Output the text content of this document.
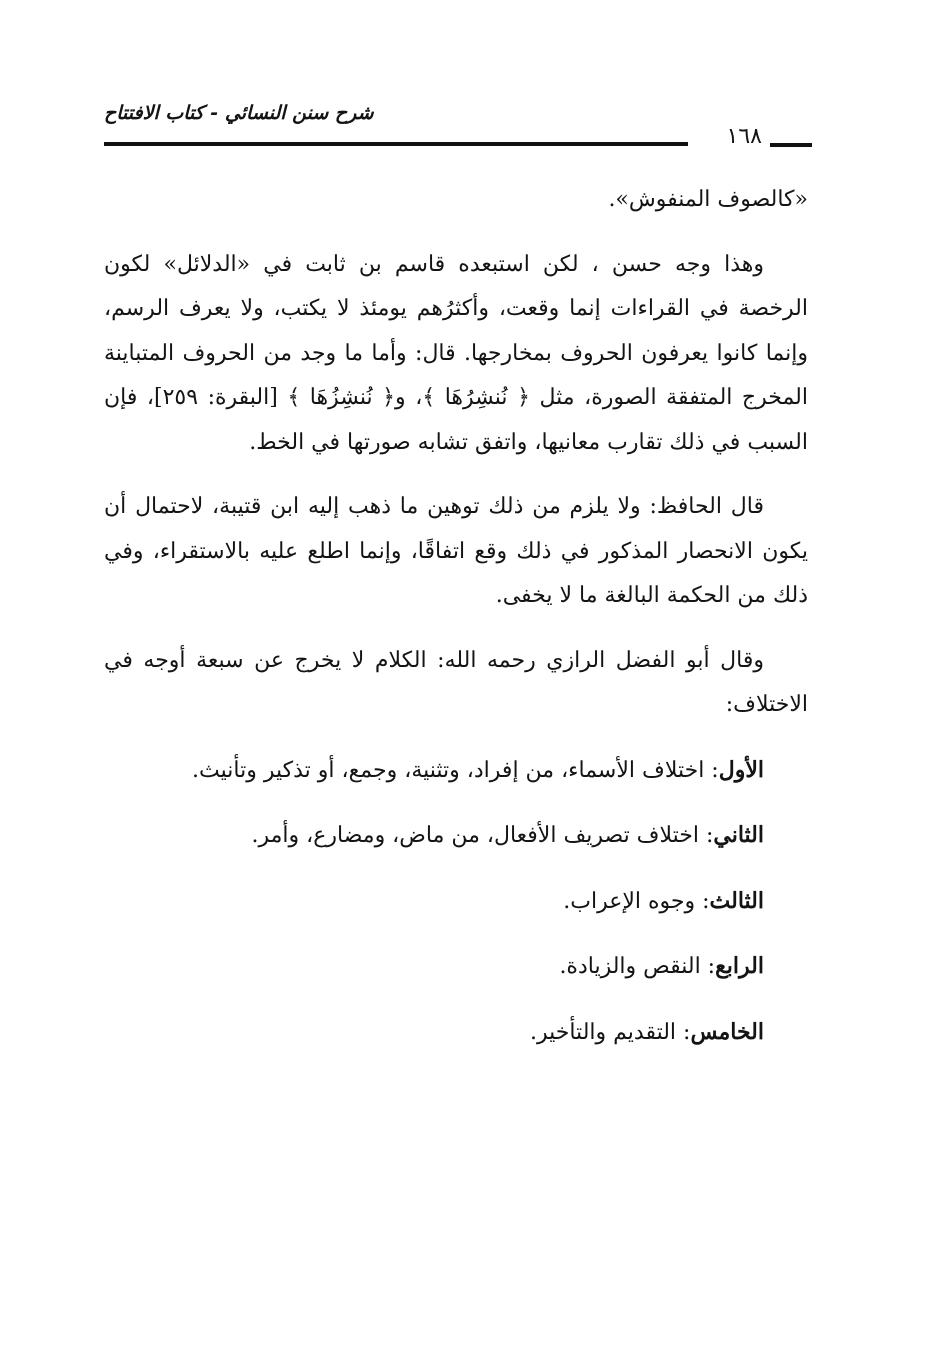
شرح سنن النسائي - كتاب الافتتاح
١٦٨

«كالصوف المنفوش».

وهذا وجه حسن ، لكن استبعده قاسم بن ثابت في «الدلائل» لكون الرخصة في القراءات إنما وقعت، وأكثرُهم يومئذ لا يكتب، ولا يعرف الرسم، وإنما كانوا يعرفون الحروف بمخارجها. قال: وأما ما وجد من الحروف المتباينة المخرج المتفقة الصورة، مثل ﴿ نُنشِرُهَا ﴾، و﴿ نُنشِزُهَا ﴾ [البقرة: ٢٥٩]، فإن السبب في ذلك تقارب معانيها، واتفق تشابه صورتها في الخط.

قال الحافظ: ولا يلزم من ذلك توهين ما ذهب إليه ابن قتيبة، لاحتمال أن يكون الانحصار المذكور في ذلك وقع اتفاقًا، وإنما اطلع عليه بالاستقراء، وفي ذلك من الحكمة البالغة ما لا يخفى.

وقال أبو الفضل الرازي رحمه الله: الكلام لا يخرج عن سبعة أوجه في الاختلاف:

الأول: اختلاف الأسماء، من إفراد، وتثنية، وجمع، أو تذكير وتأنيث.

الثاني: اختلاف تصريف الأفعال، من ماض، ومضارع، وأمر.

الثالث: وجوه الإعراب.

الرابع: النقص والزيادة.

الخامس: التقديم والتأخير.
